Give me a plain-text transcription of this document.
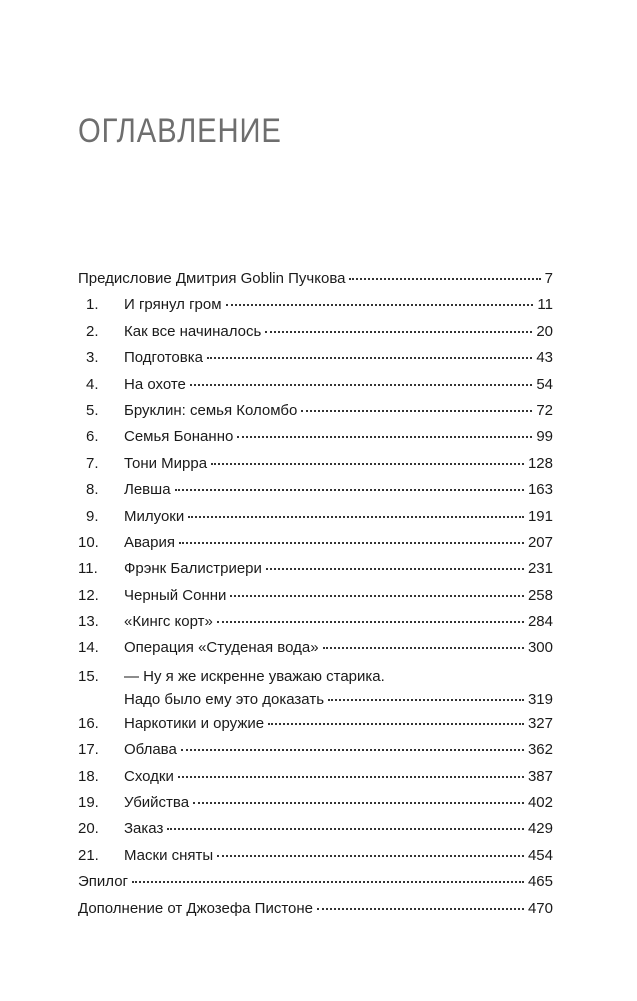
ОГЛАВЛЕНИЕ
Предисловие Дмитрия Goblin Пучкова	7
1.	И грянул гром	11
2.	Как все начиналось	20
3.	Подготовка	43
4.	На охоте	54
5.	Бруклин: семья Коломбо	72
6.	Семья Бонанно	99
7.	Тони Мирра	128
8.	Левша	163
9.	Милуоки	191
10.	Авария	207
11.	Фрэнк Балистриери	231
12.	Черный Сонни	258
13.	«Кингс корт»	284
14.	Операция «Студеная вода»	300
15.	— Ну я же искренне уважаю старика.
Надо было ему это доказать	319
16.	Наркотики и оружие	327
17.	Облава	362
18.	Сходки	387
19.	Убийства	402
20.	Заказ	429
21.	Маски сняты	454
Эпилог	465
Дополнение от Джозефа Пистоне	470
